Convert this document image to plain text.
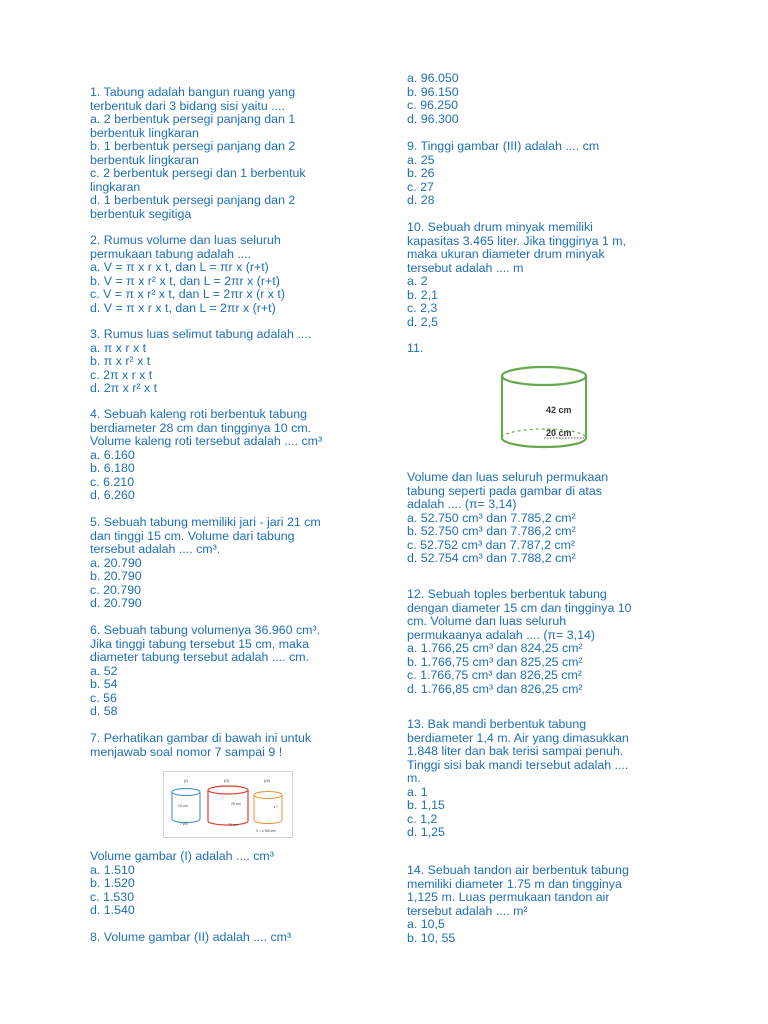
1. Tabung adalah bangun ruang yang
terbentuk dari 3 bidang sisi yaitu ....
a. 2 berbentuk persegi panjang dan 1
berbentuk lingkaran
b. 1 berbentuk persegi panjang dan 2
berbentuk lingkaran
c. 2 berbentuk persegi dan 1 berbentuk
lingkaran
d. 1 berbentuk persegi panjang dan 2
berbentuk segitiga
2. Rumus volume dan luas seluruh
permukaan tabung adalah ....
a. V = π x r x t, dan L = πr x (r+t)
b. V = π x r² x t, dan L = 2πr x (r+t)
c. V = π x r² x t, dan L = 2πr x (r x t)
d. V = π x r x t, dan L = 2πr x (r+t)
3. Rumus luas selimut tabung adalah ....
a. π x r x t
b. π x r² x t
c. 2π x r x t
d. 2π x r² x t
4. Sebuah kaleng roti berbentuk tabung
berdiameter 28 cm dan tingginya 10 cm.
Volume kaleng roti tersebut adalah .... cm³
a. 6.160
b. 6.180
c. 6.210
d. 6.260
5. Sebuah tabung memiliki jari - jari 21 cm
dan tinggi 15 cm. Volume dari tabung
tersebut adalah .... cm³.
a. 20.790
b. 20.790
c. 20.790
d. 20.790
6. Sebuah tabung volumenya 36.960 cm³.
Jika tinggi tabung tersebut 15 cm, maka
diameter tabung tersebut adalah .... cm.
a. 52
b. 54
c. 56
d. 58
7. Perhatikan gambar di bawah ini untuk
menjawab soal nomor 7 sampai 9 !
Volume gambar (I) adalah .... cm³
a. 1.510
b. 1.520
c. 1.530
d. 1.540
8. Volume gambar (II) adalah .... cm³
(I)	(II)	(III)
10 cm
7 cm
20 cm
70 cm
t ?
V = 4.760 cm³
a. 96.050
b. 96.150
c. 96.250
d. 96.300
9. Tinggi gambar (III) adalah .... cm
a. 25
b. 26
c. 27
d. 28
10. Sebuah drum minyak memiliki
kapasitas 3.465 liter. Jika tingginya 1 m,
maka ukuran diameter drum minyak
tersebut adalah .... m
a. 2
b. 2,1
c. 2,3
d. 2,5
11.
Volume dan luas seluruh permukaan
tabung seperti pada gambar di atas
adalah .... (π= 3,14)
a. 52.750 cm³ dan 7.785,2 cm²
b. 52.750 cm³ dan 7.786,2 cm²
c. 52.752 cm³ dan 7.787,2 cm²
d. 52.754 cm³ dan 7.788,2 cm²
12. Sebuah toples berbentuk tabung
dengan diameter 15 cm dan tingginya 10
cm. Volume dan luas seluruh
permukaanya adalah .... (π= 3,14)
a. 1.766,25 cm³ dan 824,25 cm²
b. 1.766,75 cm³ dan 825,25 cm²
c. 1.766,75 cm³ dan 826,25 cm²
d. 1.766,85 cm³ dan 826,25 cm²
13. Bak mandi berbentuk tabung
berdiameter 1,4 m. Air yang dimasukkan
1.848 liter dan bak terisi sampai penuh.
Tinggi sisi bak mandi tersebut adalah ....
m.
a. 1
b. 1,15
c. 1,2
d. 1,25
14. Sebuah tandon air berbentuk tabung
memiliki diameter 1.75 m dan tingginya
1,125 m. Luas permukaan tandon air
tersebut adalah .... m²
a. 10,5
b. 10, 55
42 cm
20 cm
